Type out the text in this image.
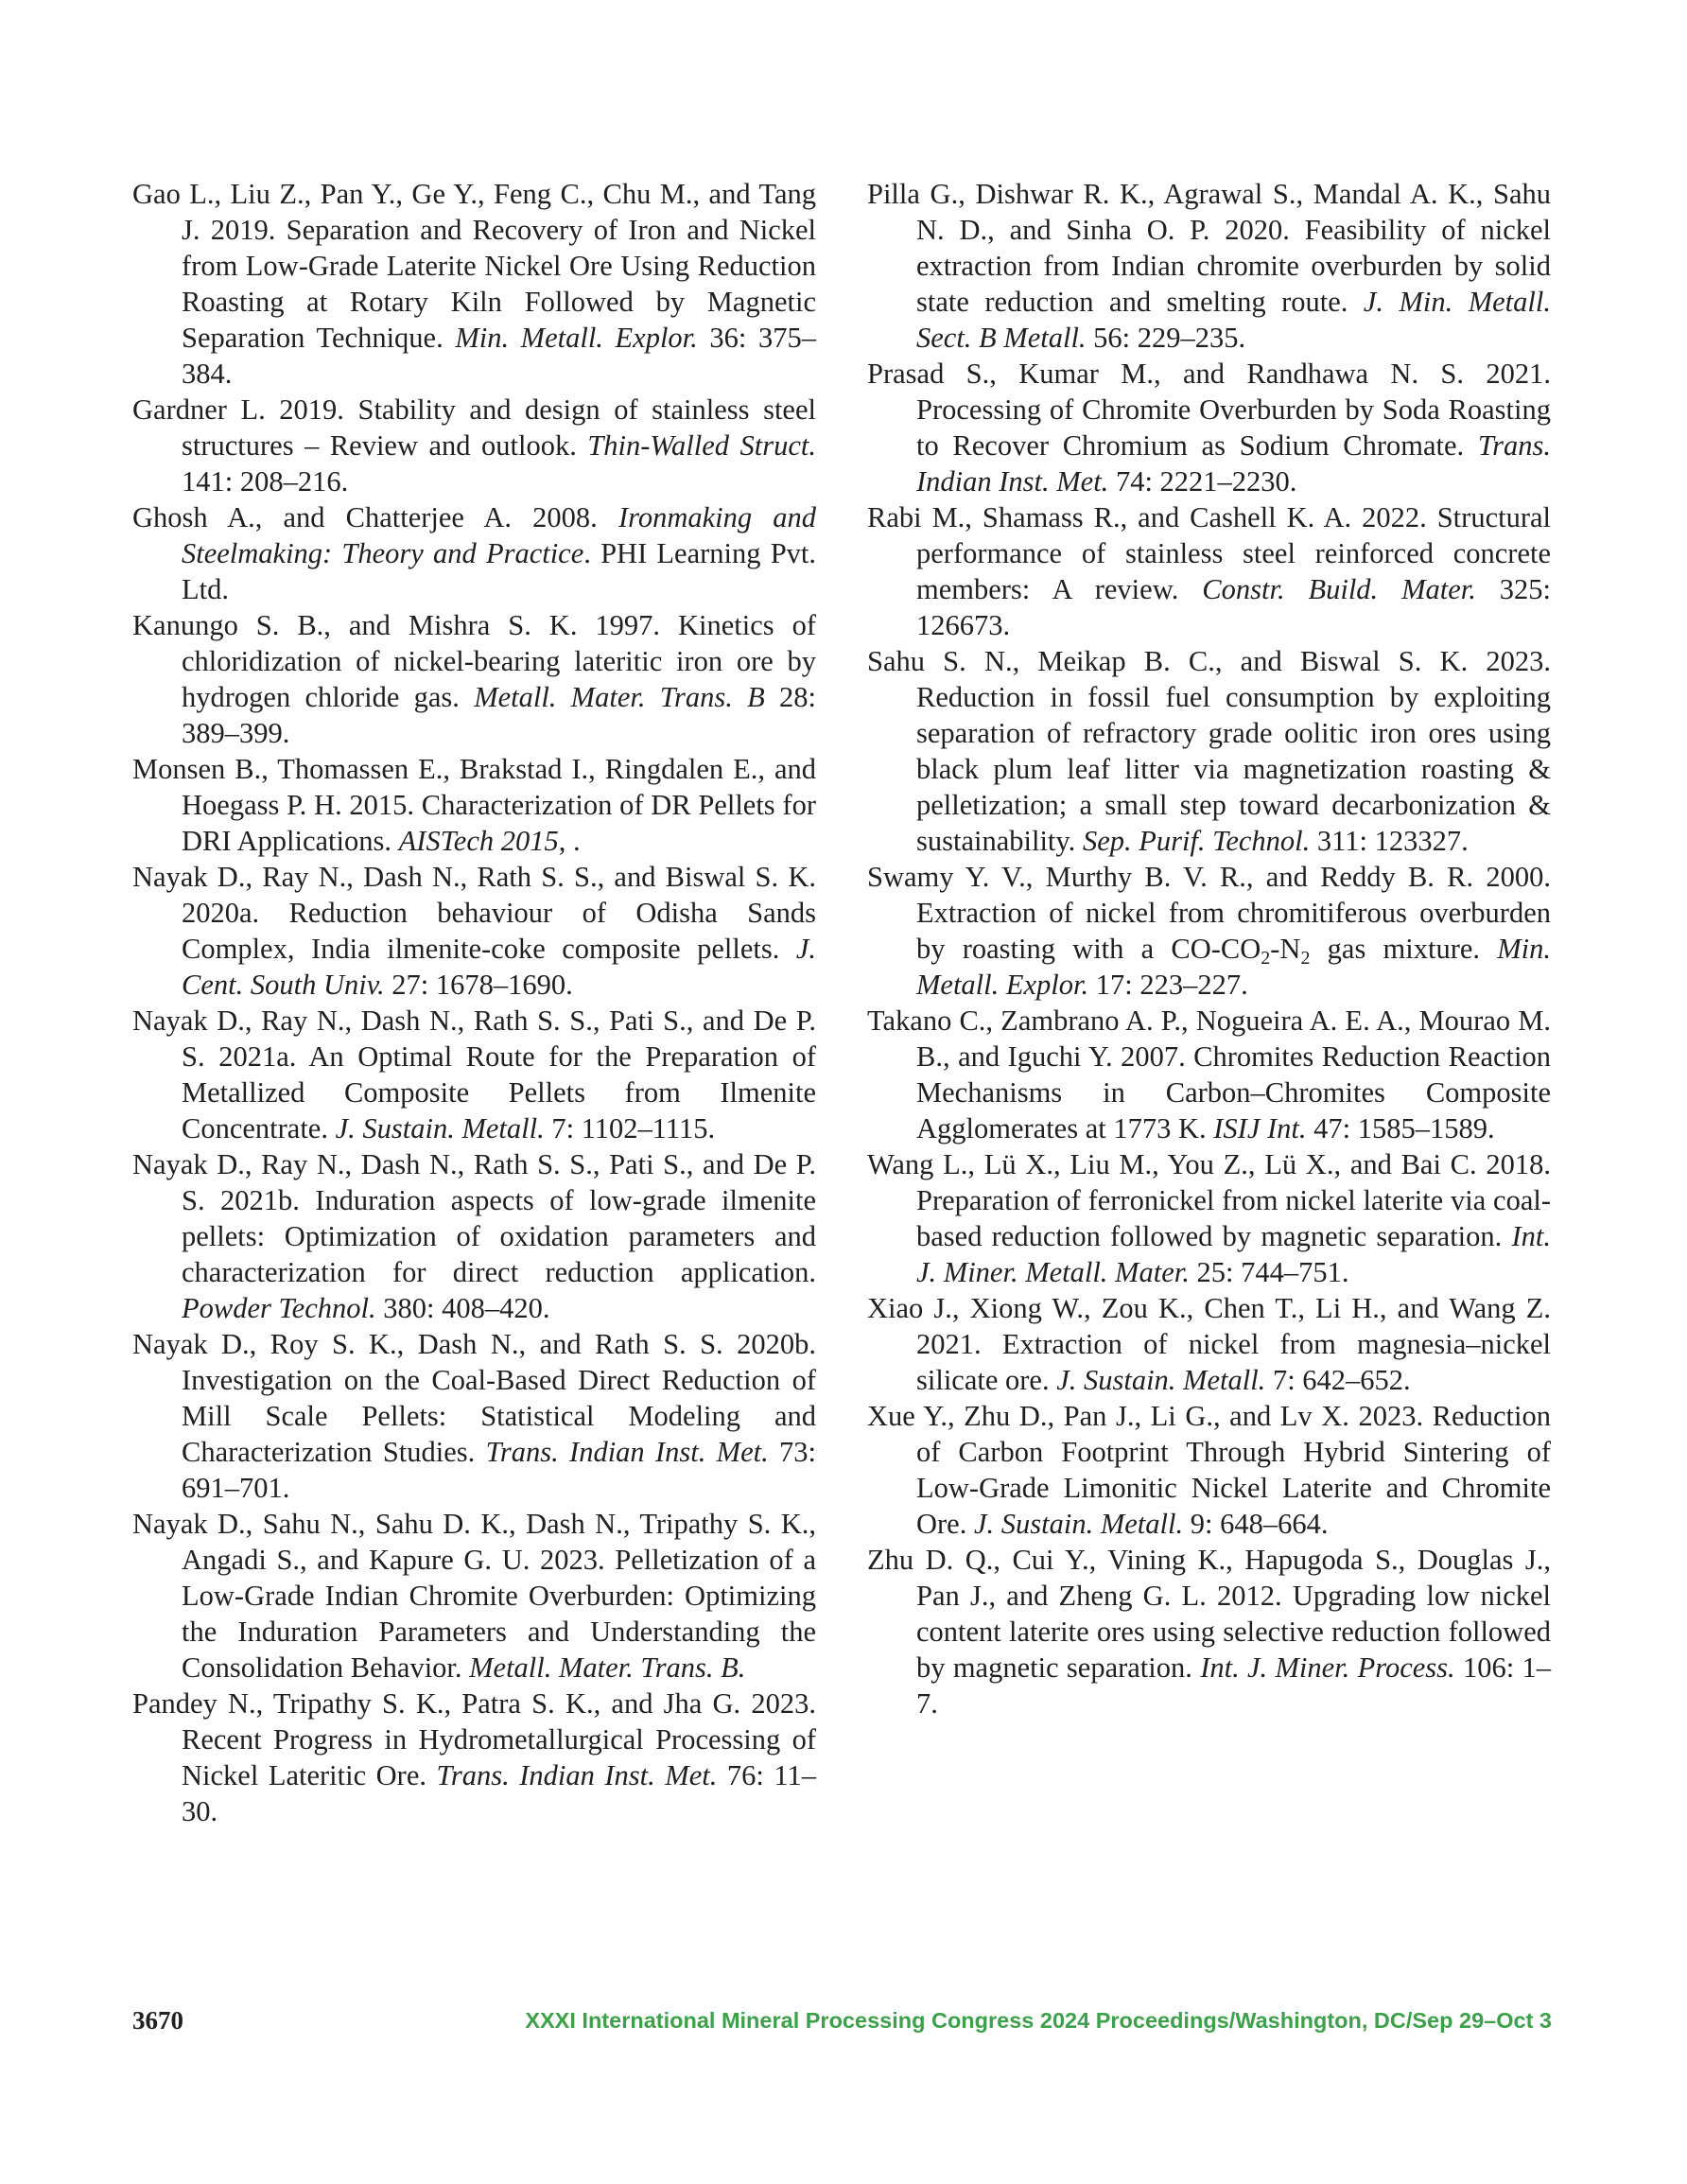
Gao L., Liu Z., Pan Y., Ge Y., Feng C., Chu M., and Tang J. 2019. Separation and Recovery of Iron and Nickel from Low-Grade Laterite Nickel Ore Using Reduction Roasting at Rotary Kiln Followed by Magnetic Separation Technique. Min. Metall. Explor. 36: 375–384.

Gardner L. 2019. Stability and design of stainless steel structures – Review and outlook. Thin-Walled Struct. 141: 208–216.

Ghosh A., and Chatterjee A. 2008. Ironmaking and Steelmaking: Theory and Practice. PHI Learning Pvt. Ltd.

Kanungo S. B., and Mishra S. K. 1997. Kinetics of chloridization of nickel-bearing lateritic iron ore by hydrogen chloride gas. Metall. Mater. Trans. B 28: 389–399.

Monsen B., Thomassen E., Brakstad I., Ringdalen E., and Hoegass P. H. 2015. Characterization of DR Pellets for DRI Applications. AISTech 2015, .

Nayak D., Ray N., Dash N., Rath S. S., and Biswal S. K. 2020a. Reduction behaviour of Odisha Sands Complex, India ilmenite-coke composite pellets. J. Cent. South Univ. 27: 1678–1690.

Nayak D., Ray N., Dash N., Rath S. S., Pati S., and De P. S. 2021a. An Optimal Route for the Preparation of Metallized Composite Pellets from Ilmenite Concentrate. J. Sustain. Metall. 7: 1102–1115.

Nayak D., Ray N., Dash N., Rath S. S., Pati S., and De P. S. 2021b. Induration aspects of low-grade ilmenite pellets: Optimization of oxidation parameters and characterization for direct reduction application. Powder Technol. 380: 408–420.

Nayak D., Roy S. K., Dash N., and Rath S. S. 2020b. Investigation on the Coal-Based Direct Reduction of Mill Scale Pellets: Statistical Modeling and Characterization Studies. Trans. Indian Inst. Met. 73: 691–701.

Nayak D., Sahu N., Sahu D. K., Dash N., Tripathy S. K., Angadi S., and Kapure G. U. 2023. Pelletization of a Low-Grade Indian Chromite Overburden: Optimizing the Induration Parameters and Understanding the Consolidation Behavior. Metall. Mater. Trans. B.

Pandey N., Tripathy S. K., Patra S. K., and Jha G. 2023. Recent Progress in Hydrometallurgical Processing of Nickel Lateritic Ore. Trans. Indian Inst. Met. 76: 11–30.

Pilla G., Dishwar R. K., Agrawal S., Mandal A. K., Sahu N. D., and Sinha O. P. 2020. Feasibility of nickel extraction from Indian chromite overburden by solid state reduction and smelting route. J. Min. Metall. Sect. B Metall. 56: 229–235.

Prasad S., Kumar M., and Randhawa N. S. 2021. Processing of Chromite Overburden by Soda Roasting to Recover Chromium as Sodium Chromate. Trans. Indian Inst. Met. 74: 2221–2230.

Rabi M., Shamass R., and Cashell K. A. 2022. Structural performance of stainless steel reinforced concrete members: A review. Constr. Build. Mater. 325: 126673.

Sahu S. N., Meikap B. C., and Biswal S. K. 2023. Reduction in fossil fuel consumption by exploiting separation of refractory grade oolitic iron ores using black plum leaf litter via magnetization roasting & pelletization; a small step toward decarbonization & sustainability. Sep. Purif. Technol. 311: 123327.

Swamy Y. V., Murthy B. V. R., and Reddy B. R. 2000. Extraction of nickel from chromitiferous overburden by roasting with a $CO-CO_2-N_2$ gas mixture. Min. Metall. Explor. 17: 223–227.

Takano C., Zambrano A. P., Nogueira A. E. A., Mourao M. B., and Iguchi Y. 2007. Chromites Reduction Reaction Mechanisms in Carbon–Chromites Composite Agglomerates at 1773 K. ISIJ Int. 47: 1585–1589.

Wang L., Lü X., Liu M., You Z., Lü X., and Bai C. 2018. Preparation of ferronickel from nickel laterite via coal-based reduction followed by magnetic separation. Int. J. Miner. Metall. Mater. 25: 744–751.

Xiao J., Xiong W., Zou K., Chen T., Li H., and Wang Z. 2021. Extraction of nickel from magnesia–nickel silicate ore. J. Sustain. Metall. 7: 642–652.

Xue Y., Zhu D., Pan J., Li G., and Lv X. 2023. Reduction of Carbon Footprint Through Hybrid Sintering of Low-Grade Limonitic Nickel Laterite and Chromite Ore. J. Sustain. Metall. 9: 648–664.

Zhu D. Q., Cui Y., Vining K., Hapugoda S., Douglas J., Pan J., and Zheng G. L. 2012. Upgrading low nickel content laterite ores using selective reduction followed by magnetic separation. Int. J. Miner. Process. 106: 1–7.

3670	XXXI International Mineral Processing Congress 2024 Proceedings/Washington, DC/Sep 29–Oct 3
